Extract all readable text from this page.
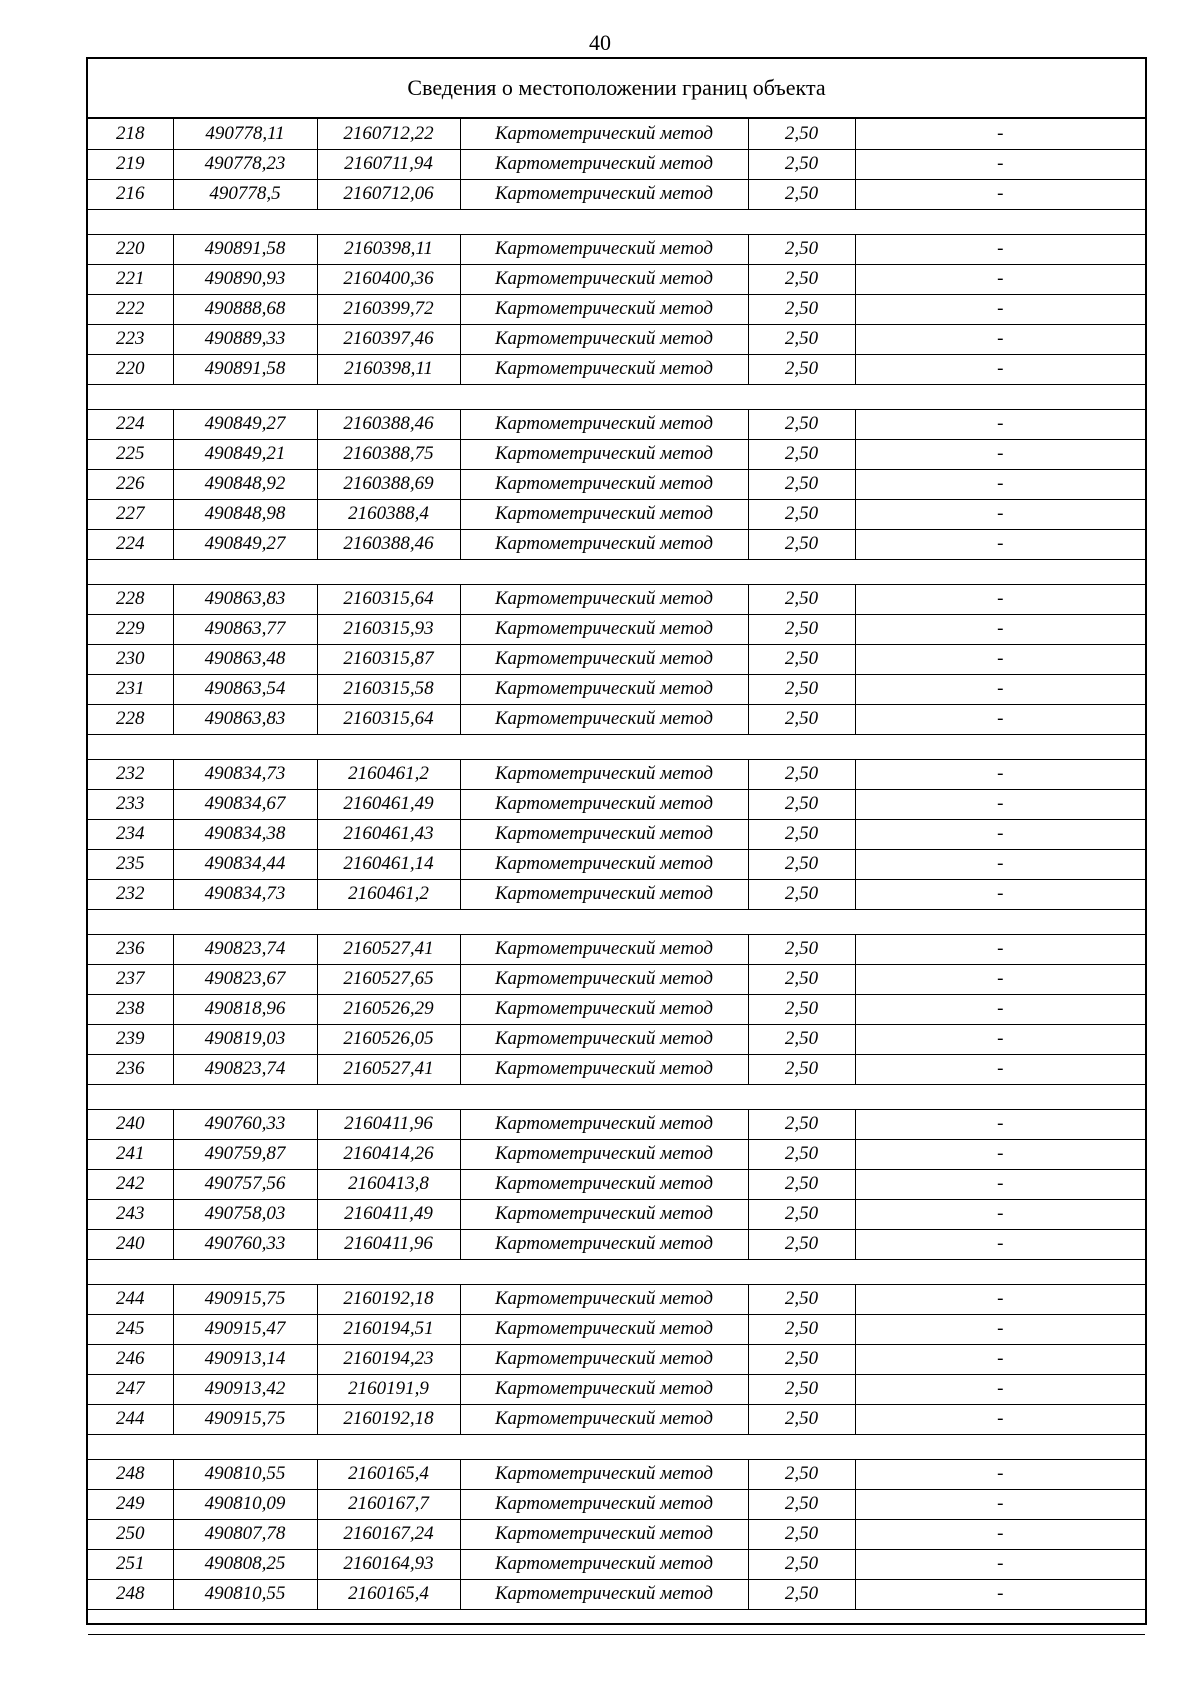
40
Сведения о местоположении границ объекта
218	490778,11	2160712,22	Картометрический метод	2,50	-
219	490778,23	2160711,94	Картометрический метод	2,50	-
216	490778,5	2160712,06	Картометрический метод	2,50	-

220	490891,58	2160398,11	Картометрический метод	2,50	-
221	490890,93	2160400,36	Картометрический метод	2,50	-
222	490888,68	2160399,72	Картометрический метод	2,50	-
223	490889,33	2160397,46	Картометрический метод	2,50	-
220	490891,58	2160398,11	Картометрический метод	2,50	-

224	490849,27	2160388,46	Картометрический метод	2,50	-
225	490849,21	2160388,75	Картометрический метод	2,50	-
226	490848,92	2160388,69	Картометрический метод	2,50	-
227	490848,98	2160388,4	Картометрический метод	2,50	-
224	490849,27	2160388,46	Картометрический метод	2,50	-

228	490863,83	2160315,64	Картометрический метод	2,50	-
229	490863,77	2160315,93	Картометрический метод	2,50	-
230	490863,48	2160315,87	Картометрический метод	2,50	-
231	490863,54	2160315,58	Картометрический метод	2,50	-
228	490863,83	2160315,64	Картометрический метод	2,50	-

232	490834,73	2160461,2	Картометрический метод	2,50	-
233	490834,67	2160461,49	Картометрический метод	2,50	-
234	490834,38	2160461,43	Картометрический метод	2,50	-
235	490834,44	2160461,14	Картометрический метод	2,50	-
232	490834,73	2160461,2	Картометрический метод	2,50	-

236	490823,74	2160527,41	Картометрический метод	2,50	-
237	490823,67	2160527,65	Картометрический метод	2,50	-
238	490818,96	2160526,29	Картометрический метод	2,50	-
239	490819,03	2160526,05	Картометрический метод	2,50	-
236	490823,74	2160527,41	Картометрический метод	2,50	-

240	490760,33	2160411,96	Картометрический метод	2,50	-
241	490759,87	2160414,26	Картометрический метод	2,50	-
242	490757,56	2160413,8	Картометрический метод	2,50	-
243	490758,03	2160411,49	Картометрический метод	2,50	-
240	490760,33	2160411,96	Картометрический метод	2,50	-

244	490915,75	2160192,18	Картометрический метод	2,50	-
245	490915,47	2160194,51	Картометрический метод	2,50	-
246	490913,14	2160194,23	Картометрический метод	2,50	-
247	490913,42	2160191,9	Картометрический метод	2,50	-
244	490915,75	2160192,18	Картометрический метод	2,50	-

248	490810,55	2160165,4	Картометрический метод	2,50	-
249	490810,09	2160167,7	Картометрический метод	2,50	-
250	490807,78	2160167,24	Картометрический метод	2,50	-
251	490808,25	2160164,93	Картометрический метод	2,50	-
248	490810,55	2160165,4	Картометрический метод	2,50	-
